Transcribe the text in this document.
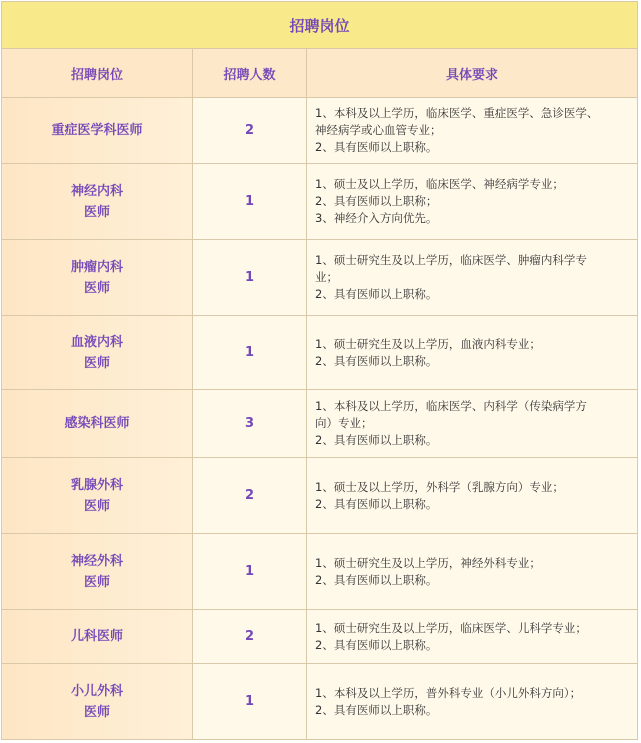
招聘岗位		
招聘岗位	招聘人数	具体要求

重症医学科医师	2	1、本科及以上学历，临床医学、重症医学、急诊医学、
神经病学或心血管专业；
2、具有医师以上职称。

神经内科
医师	1	1、硕士及以上学历，临床医学、神经病学专业；
2、具有医师以上职称；
3、神经介入方向优先。

肿瘤内科
医师	1	1、硕士研究生及以上学历，临床医学、肿瘤内科学专
业；
2、具有医师以上职称。

血液内科
医师	1	1、硕士研究生及以上学历，血液内科专业；
2、具有医师以上职称。

感染科医师	3	1、本科及以上学历，临床医学、内科学（传染病学方
向）专业；
2、具有医师以上职称。

乳腺外科
医师	2	1、硕士及以上学历，外科学（乳腺方向）专业；
2、具有医师以上职称。

神经外科
医师	1	1、硕士研究生及以上学历，神经外科专业；
2、具有医师以上职称。

儿科医师	2	1、硕士研究生及以上学历，临床医学、儿科学专业；
2、具有医师以上职称。

小儿外科
医师	1	1、本科及以上学历，普外科专业（小儿外科方向）；
2、具有医师以上职称。
